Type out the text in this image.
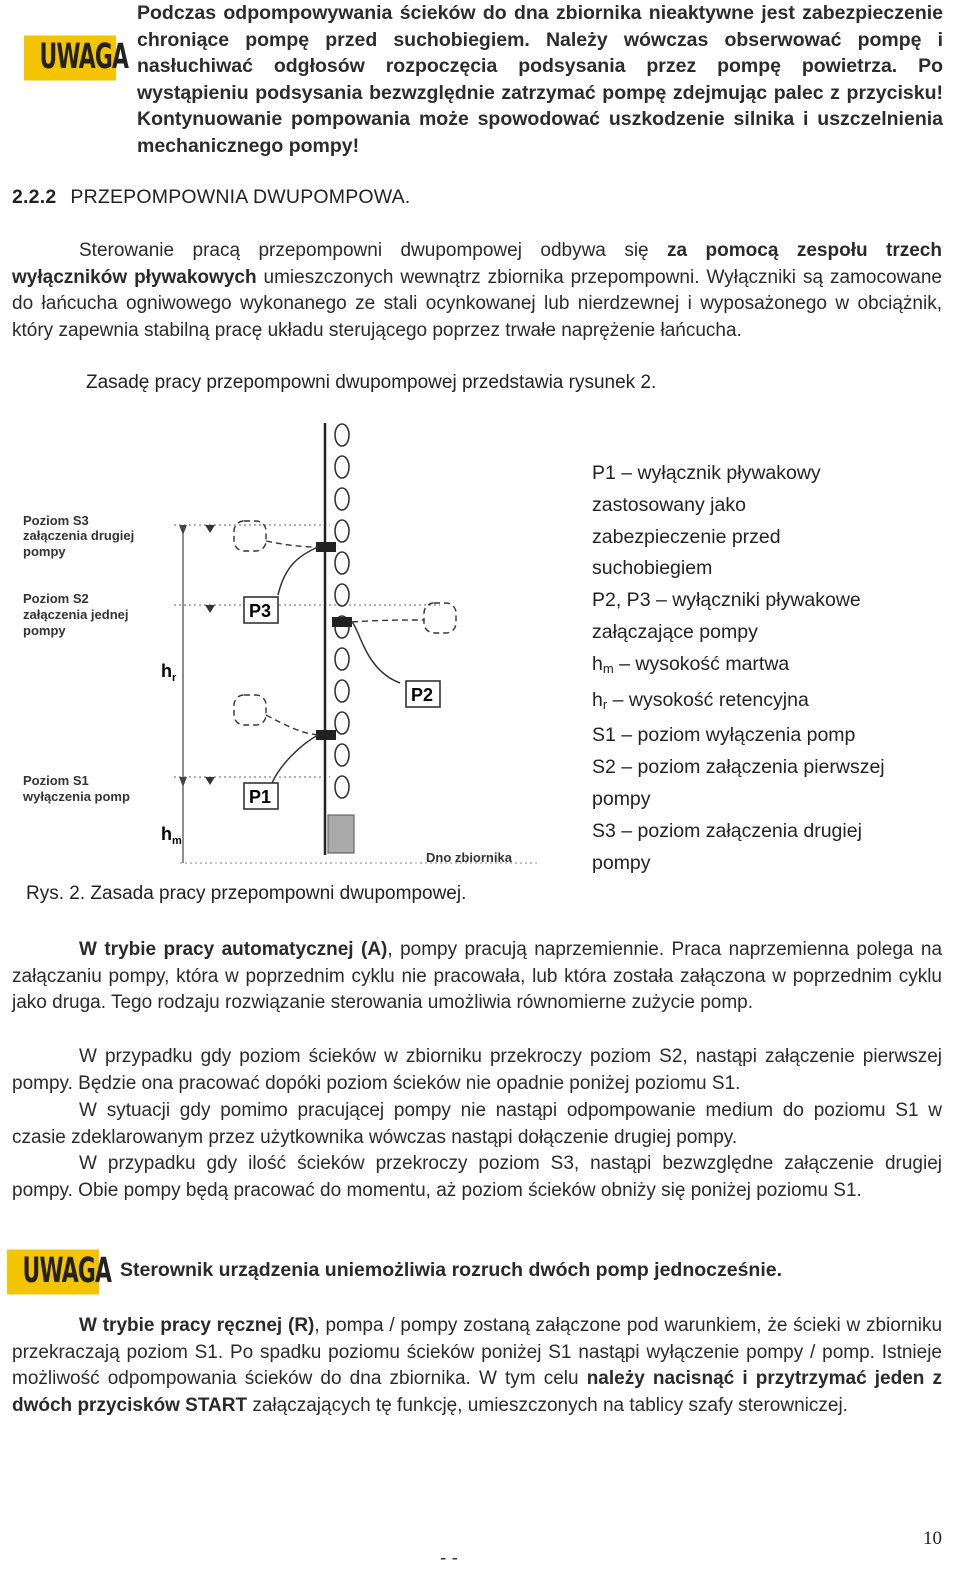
UWAGA
Podczas odpompowywania ścieków do dna zbiornika nieaktywne jest zabezpieczenie chroniące pompę przed suchobiegiem. Należy wówczas obserwować pompę i nasłuchiwać odgłosów rozpoczęcia podsysania przez pompę powietrza. Po wystąpieniu podsysania bezwzględnie zatrzymać pompę zdejmując palec z przycisku! Kontynuowanie pompowania może spowodować uszkodzenie silnika i uszczelnienia mechanicznego pompy!
2.2.2 PRZEPOMPOWNIA DWUPOMPOWA.
Sterowanie pracą przepompowni dwupompowej odbywa się za pomocą zespołu trzech wyłączników pływakowych umieszczonych wewnątrz zbiornika przepompowni. Wyłączniki są zamocowane do łańcucha ogniwowego wykonanego ze stali ocynkowanej lub nierdzewnej i wyposażonego w obciążnik, który zapewnia stabilną pracę układu sterującego poprzez trwałe naprężenie łańcucha.
Zasadę pracy przepompowni dwupompowej przedstawia rysunek 2.
Poziom S3
załączenia drugiej
pompy
Poziom S2
załączenia jednej
pompy
Poziom S1
wyłączenia pomp
$h_r$
$h_m$
Dno zbiornika
P3
P2
P1
P1 – wyłącznik pływakowy
zastosowany jako
zabezpieczenie przed
suchobiegiem
P2, P3 – wyłączniki pływakowe
załączające pompy
$h_m$ – wysokość martwa
$h_r$ – wysokość retencyjna
S1 – poziom wyłączenia pomp
S2 – poziom załączenia pierwszej
pompy
S3 – poziom załączenia drugiej
pompy
Rys. 2. Zasada pracy przepompowni dwupompowej.
W trybie pracy automatycznej (A), pompy pracują naprzemiennie. Praca naprzemienna polega na załączaniu pompy, która w poprzednim cyklu nie pracowała, lub która została załączona w poprzednim cyklu jako druga. Tego rodzaju rozwiązanie sterowania umożliwia równomierne zużycie pomp.
W przypadku gdy poziom ścieków w zbiorniku przekroczy poziom S2, nastąpi załączenie pierwszej pompy. Będzie ona pracować dopóki poziom ścieków nie opadnie poniżej poziomu S1.
W sytuacji gdy pomimo pracującej pompy nie nastąpi odpompowanie medium do poziomu S1 w czasie zdeklarowanym przez użytkownika wówczas nastąpi dołączenie drugiej pompy.
W przypadku gdy ilość ścieków przekroczy poziom S3, nastąpi bezwzględne załączenie drugiej pompy. Obie pompy będą pracować do momentu, aż poziom ścieków obniży się poniżej poziomu S1.
UWAGA Sterownik urządzenia uniemożliwia rozruch dwóch pomp jednocześnie.
W trybie pracy ręcznej (R), pompa / pompy zostaną załączone pod warunkiem, że ścieki w zbiorniku przekraczają poziom S1. Po spadku poziomu ścieków poniżej S1 nastąpi wyłączenie pompy / pomp. Istnieje możliwość odpompowania ścieków do dna zbiornika. W tym celu należy nacisnąć i przytrzymać jeden z dwóch przycisków START załączających tę funkcję, umieszczonych na tablicy szafy sterowniczej.
10
- -
